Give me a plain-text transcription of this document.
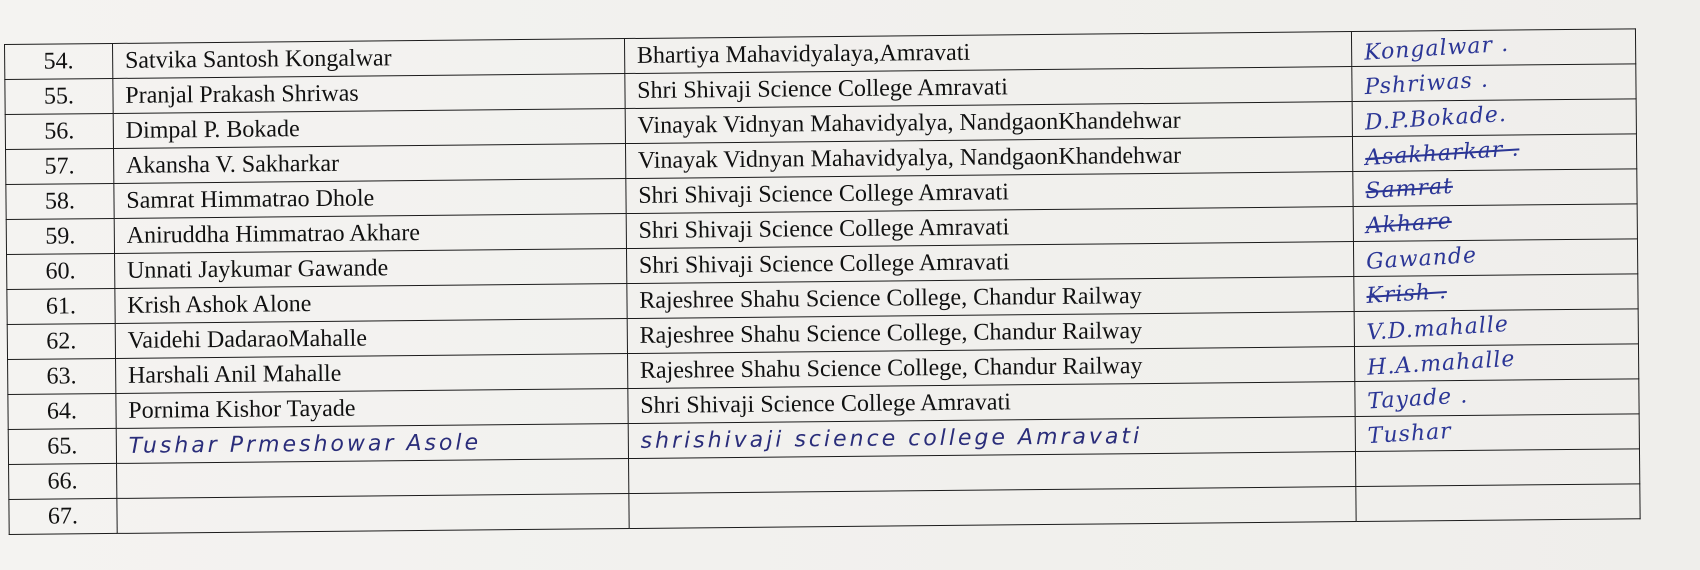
54.	Satvika Santosh Kongalwar	Bhartiya Mahavidyalaya,Amravati	Kongalwar .
55.	Pranjal Prakash Shriwas	Shri Shivaji Science College Amravati	Pshriwas .
56.	Dimpal P. Bokade	Vinayak Vidnyan Mahavidyalya, NandgaonKhandehwar	D.P.Bokade.
57.	Akansha V. Sakharkar	Vinayak Vidnyan Mahavidyalya, NandgaonKhandehwar	Asakharkar .
58.	Samrat Himmatrao Dhole	Shri Shivaji Science College Amravati	Samrat
59.	Aniruddha Himmatrao Akhare	Shri Shivaji Science College Amravati	Akhare
60.	Unnati Jaykumar Gawande	Shri Shivaji Science College Amravati	Gawande
61.	Krish Ashok Alone	Rajeshree Shahu Science College, Chandur Railway	Krish .
62.	Vaidehi DadaraoMahalle	Rajeshree Shahu Science College, Chandur Railway	V.D.mahalle
63.	Harshali Anil Mahalle	Rajeshree Shahu Science College, Chandur Railway	H.A.mahalle
64.	Pornima Kishor Tayade	Shri Shivaji Science College Amravati	Tayade .
65.	Tushar Prmeshowar Asole	shrishivaji science college Amravati	Tushar
66.			
67.			
